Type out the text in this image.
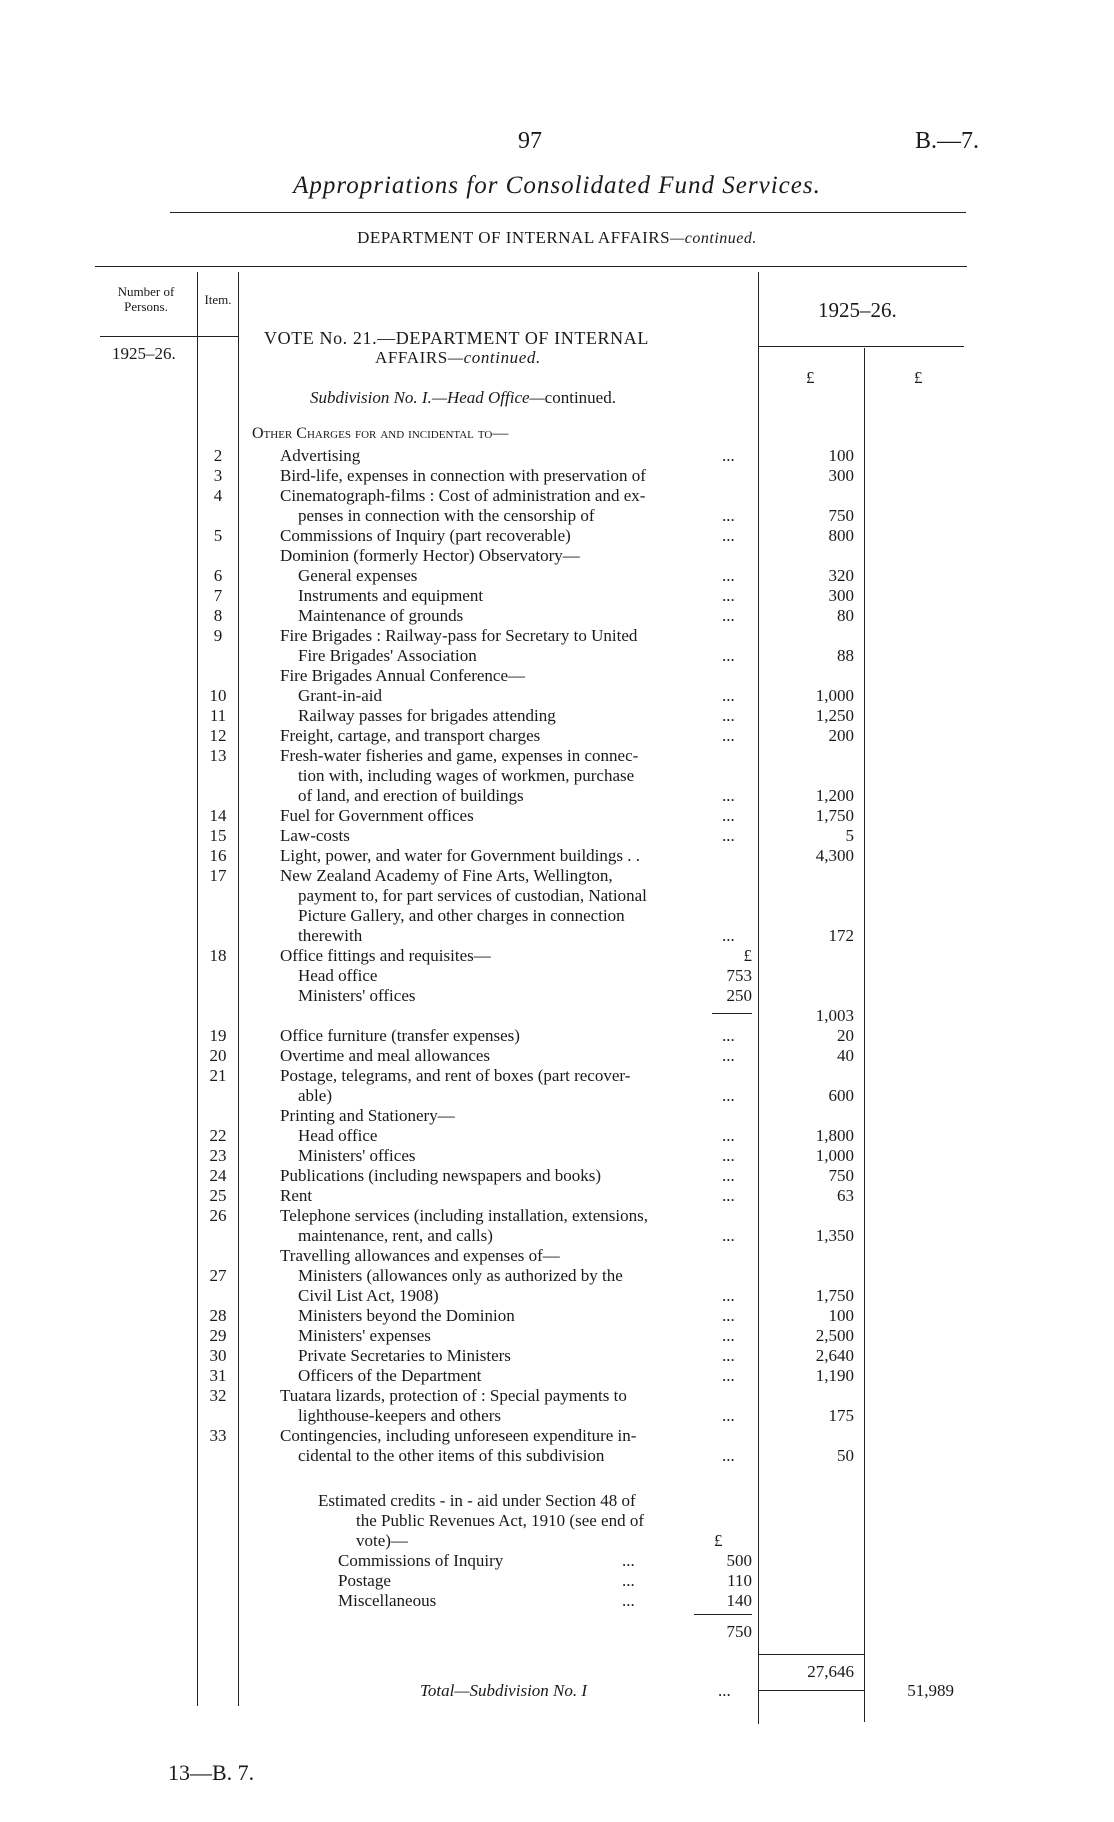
97	B.—7.
Appropriations for Consolidated Fund Services.
DEPARTMENT OF INTERNAL AFFAIRS—continued.
Number of Persons.	Item.
1925–26.
1925–26.
£	£
VOTE No. 21.—DEPARTMENT OF INTERNAL
AFFAIRS—continued.
Subdivision No. I.—Head Office—continued.
Other Charges for and incidental to—
2	Advertising	...	100
3	Bird-life, expenses in connection with preservation of	300
4	Cinematograph-films : Cost of administration and ex-
penses in connection with the censorship of	...	750
5	Commissions of Inquiry (part recoverable)	...	800
Dominion (formerly Hector) Observatory—
6	General expenses	...	320
7	Instruments and equipment	...	300
8	Maintenance of grounds	...	80
9	Fire Brigades : Railway-pass for Secretary to United
Fire Brigades' Association	...	88
Fire Brigades Annual Conference—
10	Grant-in-aid	...	1,000
11	Railway passes for brigades attending	...	1,250
12	Freight, cartage, and transport charges	...	200
13	Fresh-water fisheries and game, expenses in connec-
tion with, including wages of workmen, purchase
of land, and erection of buildings	...	1,200
14	Fuel for Government offices	...	1,750
15	Law-costs	...	5
16	Light, power, and water for Government buildings . .	4,300
17	New Zealand Academy of Fine Arts, Wellington,
payment to, for part services of custodian, National
Picture Gallery, and other charges in connection
therewith	...	172
18	Office fittings and requisites—	£
Head office	753
Ministers' offices	250
1,003
19	Office furniture (transfer expenses)	...	20
20	Overtime and meal allowances	...	40
21	Postage, telegrams, and rent of boxes (part recover-
able)	...	600
Printing and Stationery—
22	Head office	...	1,800
23	Ministers' offices	...	1,000
24	Publications (including newspapers and books)	...	750
25	Rent	...	63
26	Telephone services (including installation, extensions,
maintenance, rent, and calls)	...	1,350
Travelling allowances and expenses of—
27	Ministers (allowances only as authorized by the
Civil List Act, 1908)	...	1,750
28	Ministers beyond the Dominion	...	100
29	Ministers' expenses	...	2,500
30	Private Secretaries to Ministers	...	2,640
31	Officers of the Department	...	1,190
32	Tuatara lizards, protection of : Special payments to
lighthouse-keepers and others	...	175
33	Contingencies, including unforeseen expenditure in-
cidental to the other items of this subdivision	...	50
Estimated credits - in - aid under Section 48 of
the Public Revenues Act, 1910 (see end of
vote)—	£
Commissions of Inquiry	...	500
Postage	...	110
Miscellaneous	...	140
750
27,646
Total—Subdivision No. I	...	51,989
13—B. 7.
